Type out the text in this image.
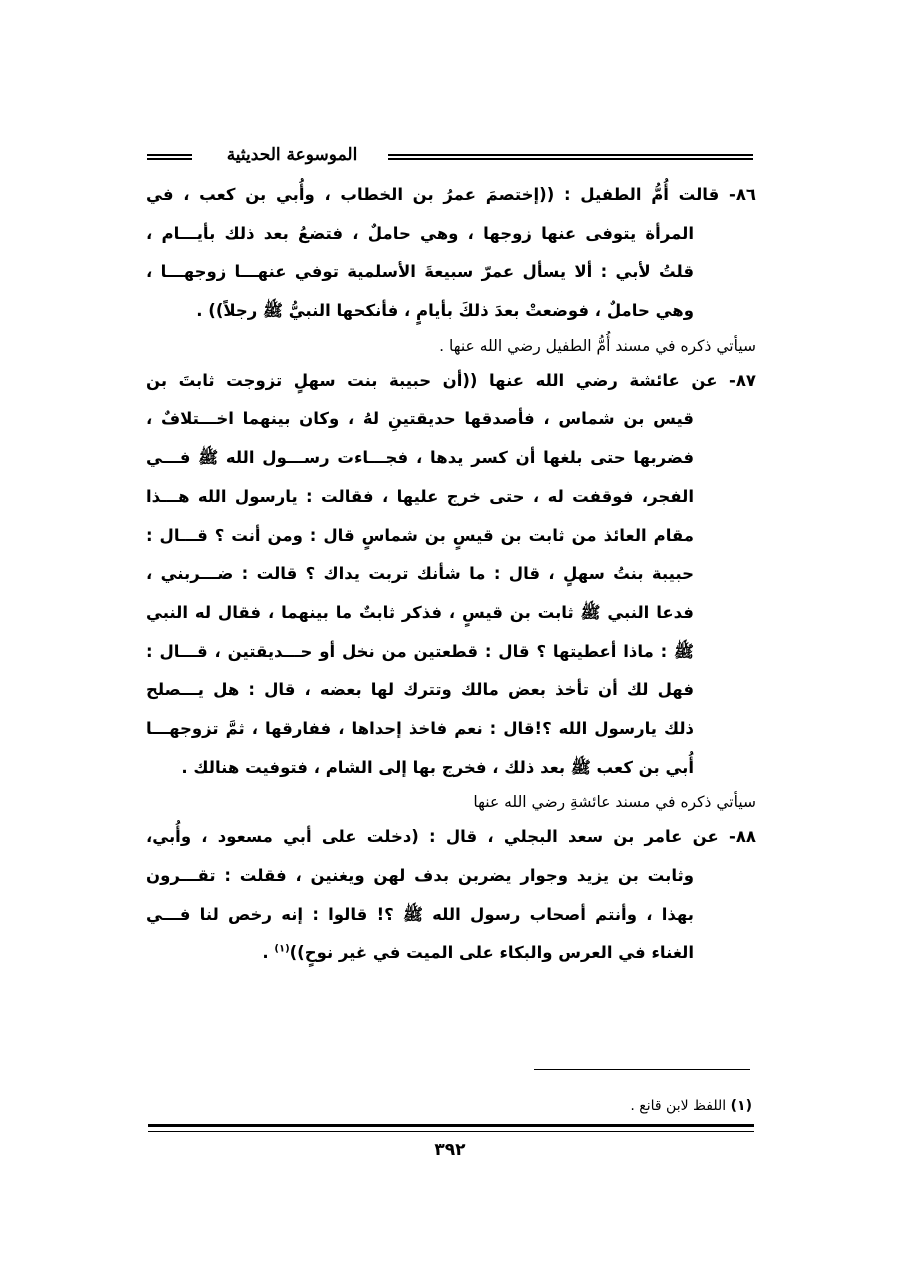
الموسوعة الحديثية
٨٦- قالت أُمُّ الطفيل : ((إختصمَ عمرُ بن الخطاب ، وأُبي بن كعب ، في
المرأة يتوفى عنها زوجها ، وهي حاملٌ ، فتضعُ بعد ذلك بأيـــام ،
قلتُ لأبي : ألا يسأل عمرّ سبيعةَ الأسلمية توفي عنهـــا زوجهـــا ،
وهي حاملٌ ، فوضعتْ بعدَ ذلكَ بأيامٍ ، فأنكحها النبيُّ ﷺ رجلاً)) .
سيأتي ذكره في مسند أُمُّ الطفيل رضي الله عنها .
٨٧- عن عائشة رضي الله عنها ((أن حبيبة بنت سهلٍ تزوجت ثابتَ بن
قيس بن شماس ، فأصدقها حديقتينِ لهُ ، وكان بينهما اخـــتلافٌ ،
فضربها حتى بلغها أن كسر يدها ، فجـــاءت رســـول الله ﷺ فـــي
الفجر، فوقفت له ، حتى خرج عليها ، فقالت : يارسول الله هـــذا
مقام العائذ من ثابت بن قيسٍ بن شماسٍ قال : ومن أنت ؟ قـــال :
حبيبة بنتُ سهلٍ ، قال : ما شأنك تربت يداك ؟ قالت : ضـــربني ،
فدعا النبي ﷺ ثابت بن قيسٍ ، فذكر ثابتٌ ما بينهما ، فقال له النبي
ﷺ : ماذا أعطيتها ؟ قال : قطعتين من نخل أو حـــديقتين ، قـــال :
فهل لك أن تأخذ بعض مالك وتترك لها بعضه ، قال : هل يـــصلح
ذلك يارسول الله ؟!قال : نعم فاخذ إحداها ، ففارقها ، ثمَّ تزوجهـــا
أُبي بن كعب ﷺ بعد ذلك ، فخرج بها إلى الشام ، فتوفيت هنالك .
سيأتي ذكره في مسند عائشةِ رضي الله عنها
٨٨- عن عامر بن سعد البجلي ، قال : (دخلت على أبي مسعود ، وأُبي،
وثابت بن يزيد وجوار يضربن بدف لهن ويغنين ، فقلت : تقـــرون
بهذا ، وأنتم أصحاب رسول الله ﷺ ؟! قالوا : إنه رخص لنا فـــي
الغناء في العرس والبكاء على الميت في غير نوحٍ))$^{(١)}$ .
(١) اللفظ لابن قانع .
٣٩٢
